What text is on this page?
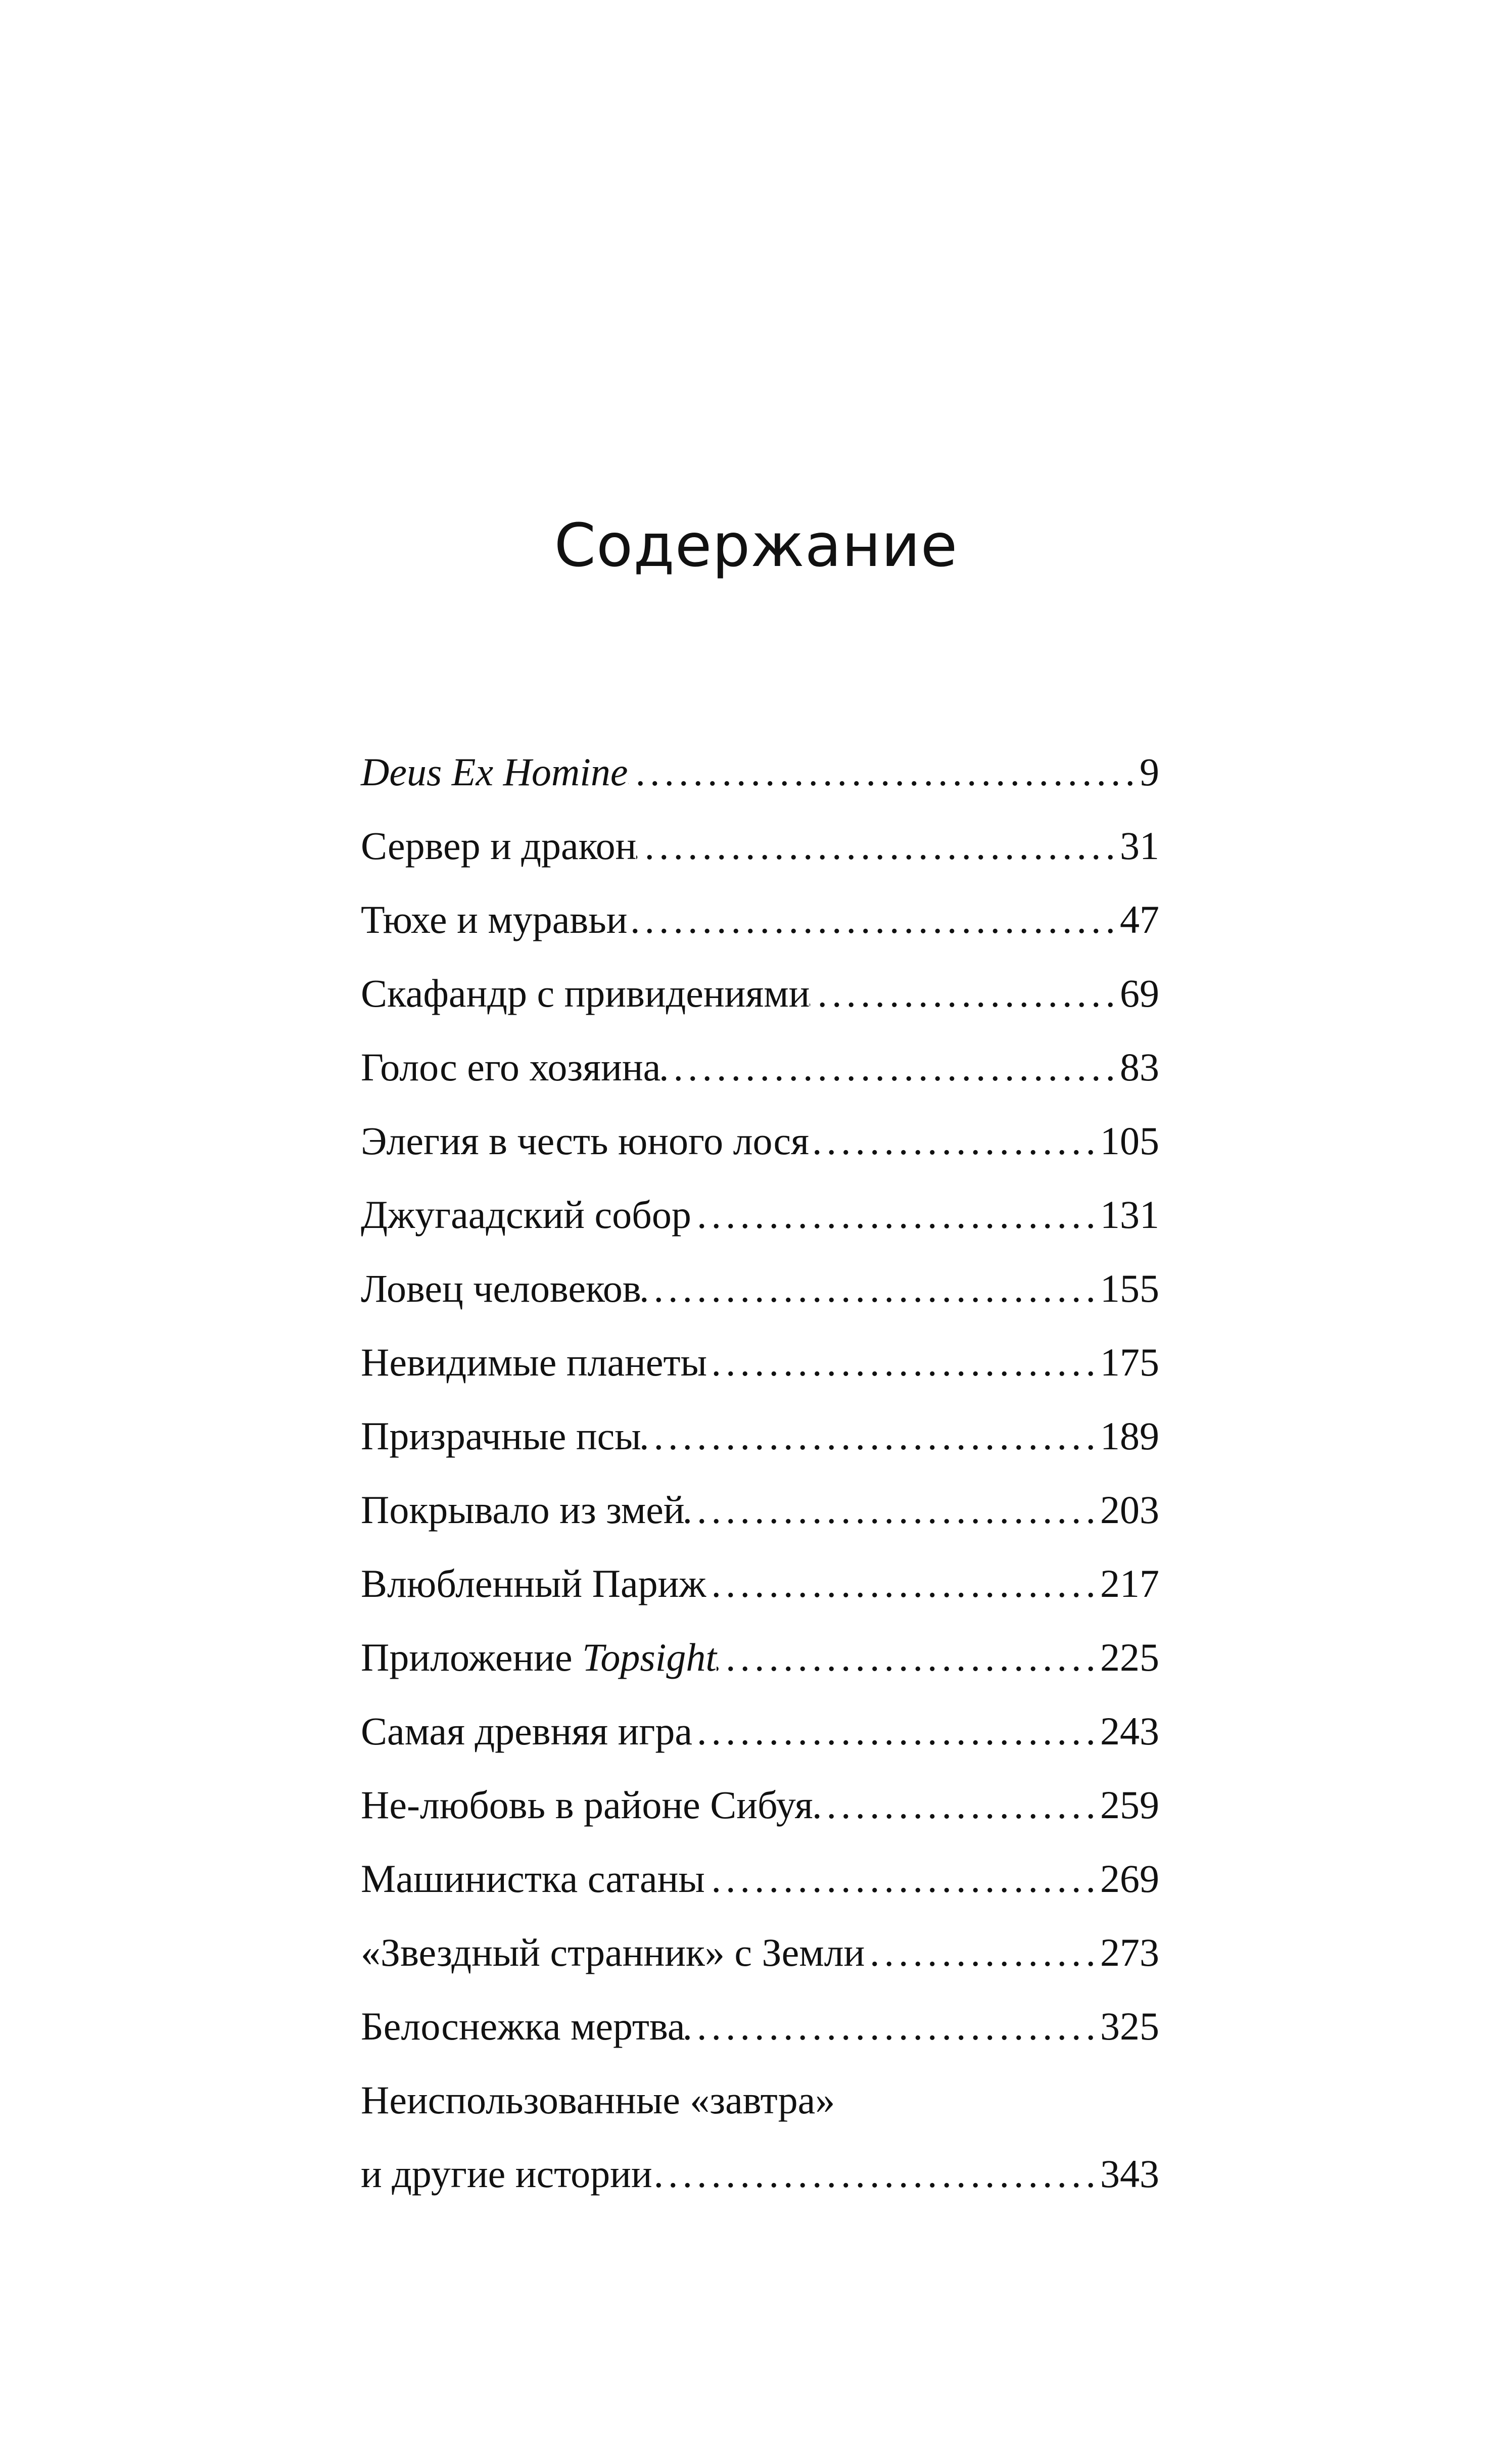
Содержание
Deus Ex Homine .....	9
Сервер и дракон .....	31
Тюхе и муравьи .....	47
Скафандр с привидениями .....	69
Голос его хозяина .....	83
Элегия в честь юного лося .....	105
Джугаадский собор .....	131
Ловец человеков .....	155
Невидимые планеты .....	175
Призрачные псы .....	189
Покрывало из змей .....	203
Влюбленный Париж .....	217
Приложение Topsight .....	225
Самая древняя игра .....	243
Не-любовь в районе Сибуя .....	259
Машинистка сатаны .....	269
«Звездный странник» с Земли .....	273
Белоснежка мертва .....	325
Неиспользованные «завтра»
и другие истории .....	343
